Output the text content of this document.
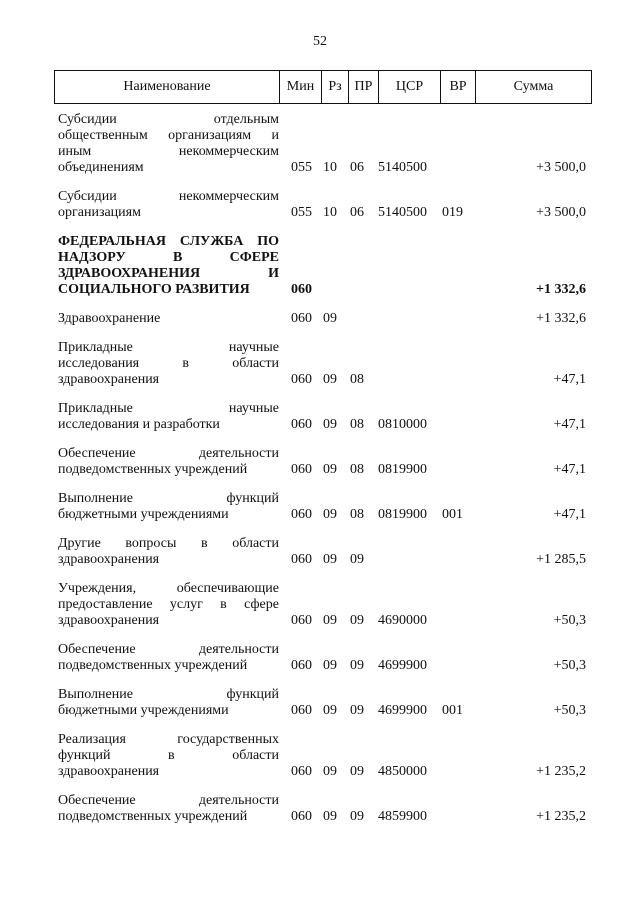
52
Наименование	Мин	Рз ПР	ЦСР	ВР	Сумма
Субсидии отдельным
общественным организациям и
иным некоммерческим
объединениям	055 10 06	5140500	+3 500,0
Субсидии некоммерческим
организациям	055 10 06	5140500	019	+3 500,0
ФЕДЕРАЛЬНАЯ СЛУЖБА ПО
НАДЗОРУ В СФЕРЕ
ЗДРАВООХРАНЕНИЯ И
СОЦИАЛЬНОГО РАЗВИТИЯ	060	+1 332,6
Здравоохранение	060 09	+1 332,6
Прикладные научные
исследования в области
здравоохранения	060 09 08	+47,1
Прикладные научные
исследования и разработки	060 09 08	0810000	+47,1
Обеспечение деятельности
подведомственных учреждений	060 09 08	0819900	+47,1
Выполнение функций
бюджетными учреждениями	060 09 08	0819900	001	+47,1
Другие вопросы в области
здравоохранения	060 09 09	+1 285,5
Учреждения, обеспечивающие
предоставление услуг в сфере
здравоохранения	060 09 09	4690000	+50,3
Обеспечение деятельности
подведомственных учреждений	060 09 09	4699900	+50,3
Выполнение функций
бюджетными учреждениями	060 09 09	4699900	001	+50,3
Реализация государственных
функций в области
здравоохранения	060 09 09	4850000	+1 235,2
Обеспечение деятельности
подведомственных учреждений	060 09 09	4859900	+1 235,2
